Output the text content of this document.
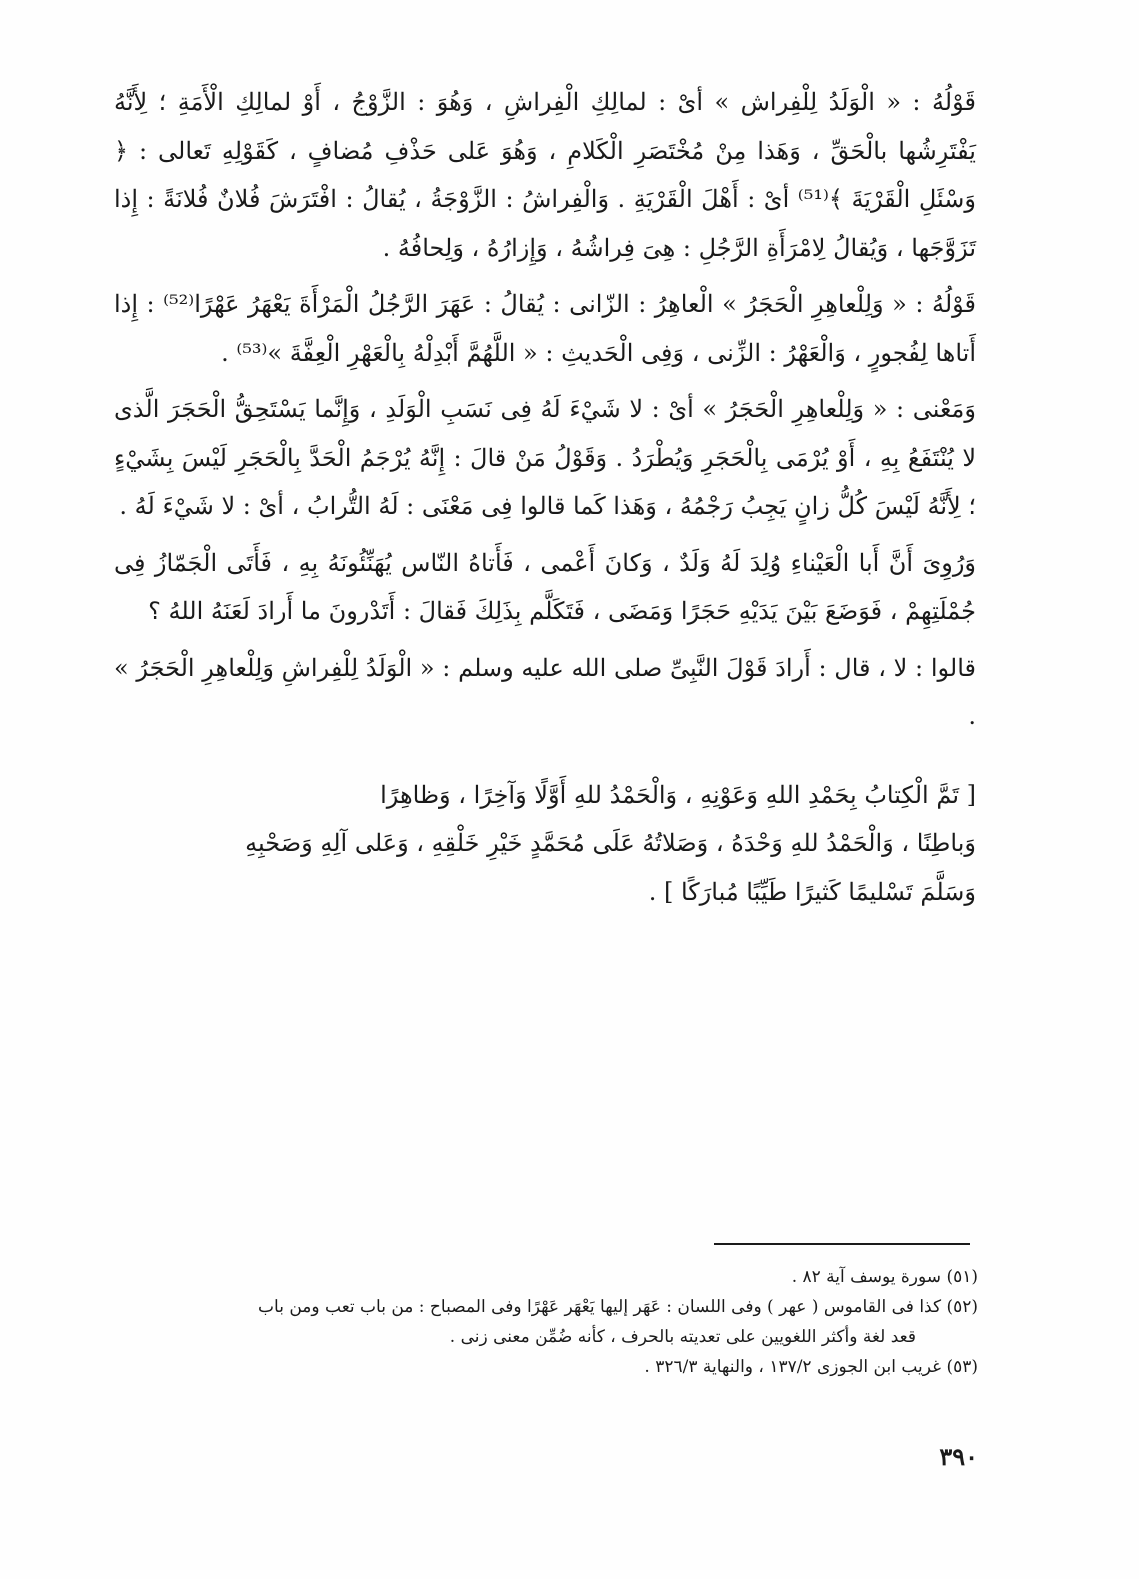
قَوْلُهُ : « الْوَلَدُ لِلْفِراش » أىْ : لمالِكِ الْفِراشِ ، وَهُوَ : الزَّوْجُ ، أَوْ لمالِكِ الْأَمَةِ ؛ لِأَنَّهُ يَفْتَرِشُها بالْحَقِّ ، وَهَذا مِنْ مُخْتَصَرِ الْكَلامِ ، وَهُوَ عَلى حَذْفِ مُضافٍ ، كَقَوْلِهِ تَعالى : ﴿ وَسْئَلِ الْقَرْيَةَ ﴾⁽⁵¹⁾ أىْ : أَهْلَ الْقَرْيَةِ . وَالْفِراشُ : الزَّوْجَةُ ، يُقالُ : افْتَرَشَ فُلانٌ فُلانَةً : إِذا تَزَوَّجَها ، وَيُقالُ لِامْرَأَةِ الرَّجُلِ : هِىَ فِراشُهُ ، وَإِزارُهُ ، وَلِحافُهُ .

قَوْلُهُ : « وَلِلْعاهِرِ الْحَجَرُ » الْعاهِرُ : الزّانى : يُقالُ : عَهَرَ الرَّجُلُ الْمَرْأَةَ يَعْهَرُ عَهْرًا⁽⁵²⁾ : إِذا أَتاها لِفُجورٍ ، وَالْعَهْرُ : الزِّنى ، وَفِى الْحَديثِ : « اللَّهُمَّ أَبْدِلْهُ بِالْعَهْرِ الْعِفَّةَ »⁽⁵³⁾ .

وَمَعْنى : « وَلِلْعاهِرِ الْحَجَرُ » أىْ : لا شَيْءَ لَهُ فِى نَسَبِ الْوَلَدِ ، وَإِنَّما يَسْتَحِقُّ الْحَجَرَ الَّذى لا يُنْتَفَعُ بِهِ ، أَوْ يُرْمَى بِالْحَجَرِ وَيُطْرَدُ . وَقَوْلُ مَنْ قالَ : إِنَّهُ يُرْجَمُ الْحَدَّ بِالْحَجَرِ لَيْسَ بِشَيْءٍ ؛ لِأَنَّهُ لَيْسَ كُلُّ زانٍ يَجِبُ رَجْمُهُ ، وَهَذا كَما قالوا فِى مَعْنَى : لَهُ التُّرابُ ، أىْ : لا شَيْءَ لَهُ .

وَرُوِىَ أَنَّ أَبا الْعَيْناءِ وُلِدَ لَهُ وَلَدٌ ، وَكانَ أَعْمى ، فَأَتاهُ النّاس يُهَنِّئُونَهُ بِهِ ، فَأَتَى الْجَمّازُ فِى جُمْلَتِهِمْ ، فَوَضَعَ بَيْنَ يَدَيْهِ حَجَرًا وَمَضَى ، فَتَكَلَّم بِذَلِكَ فَقالَ : أَتَدْرونَ ما أَرادَ لَعَنَهُ اللهُ ؟

قالوا : لا ، قال : أَرادَ قَوْلَ النَّبِىِّ صلى الله عليه وسلم : « الْوَلَدُ لِلْفِراشِ وَلِلْعاهِرِ الْحَجَرُ » .

[ تَمَّ الْكِتابُ بِحَمْدِ اللهِ وَعَوْنِهِ ، وَالْحَمْدُ للهِ أَوَّلًا وَآخِرًا ، وَظاهِرًا
وَباطِنًا ، وَالْحَمْدُ للهِ وَحْدَهُ ، وَصَلاتُهُ عَلَى مُحَمَّدٍ خَيْرِ خَلْقِهِ ، وَعَلى آلِهِ وَصَحْبِهِ
وَسَلَّمَ تَسْليمًا كَثيرًا طَيِّبًا مُبارَكًا ] .

(٥١) سورة يوسف آية ٨٢ .

(٥٢) كذا فى القاموس ( عهر ) وفى اللسان : عَهَر إليها يَعْهَر عَهْرًا وفى المصباح : من باب تعب ومن باب

قعد لغة وأكثر اللغويين على تعديته بالحرف ، كأنه ضُمِّن معنى زنى .

(٥٣) غريب ابن الجوزى ١٣٧/٢ ، والنهاية ٣٢٦/٣ .

٣٩٠
